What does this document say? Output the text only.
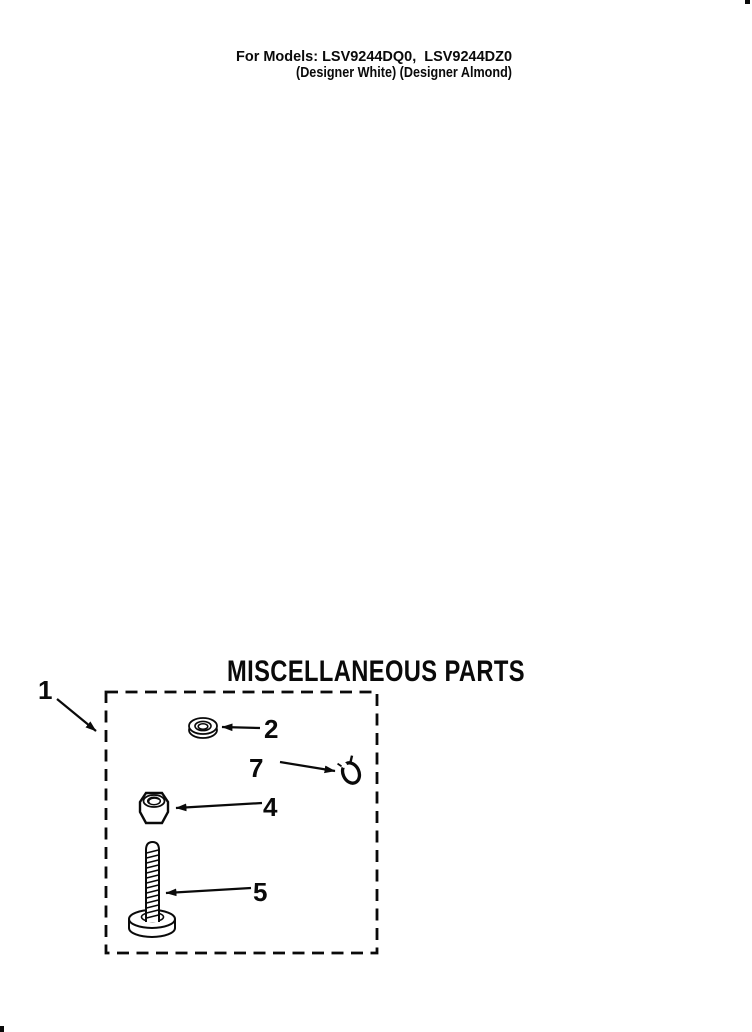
For Models: LSV9244DQ0,  LSV9244DZ0
(Designer White) (Designer Almond)
MISCELLANEOUS PARTS
1
2
7
4
5
